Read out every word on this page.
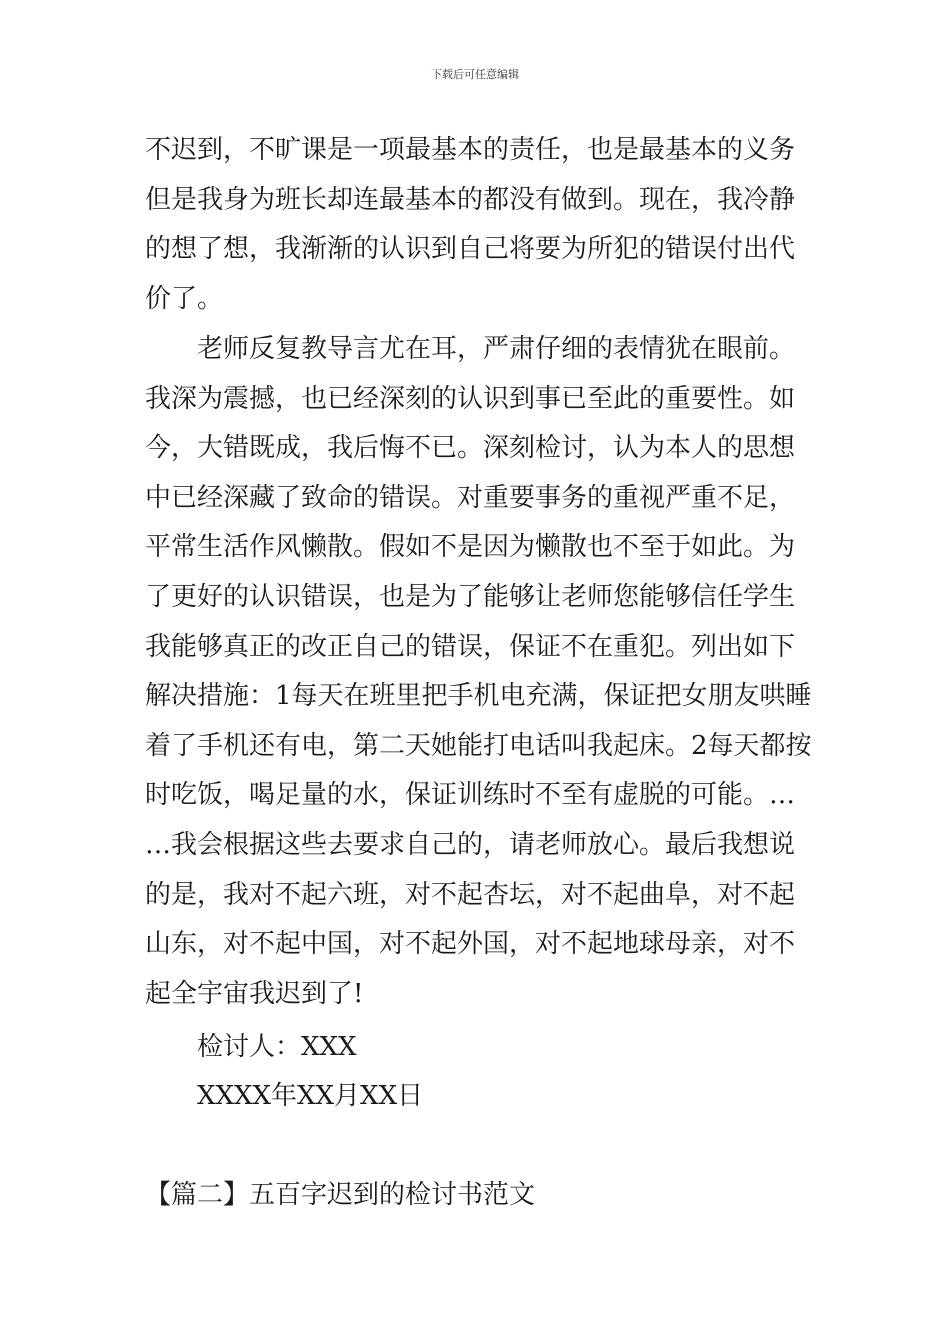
下载后可任意编辑
不迟到，不旷课是一项最基本的责任，也是最基本的义务
但是我身为班长却连最基本的都没有做到。现在，我冷静
的想了想，我渐渐的认识到自己将要为所犯的错误付出代
价了。
老师反复教导言尤在耳，严肃仔细的表情犹在眼前。
我深为震撼，也已经深刻的认识到事已至此的重要性。如
今，大错既成，我后悔不已。深刻检讨，认为本人的思想
中已经深藏了致命的错误。对重要事务的重视严重不足，
平常生活作风懒散。假如不是因为懒散也不至于如此。为
了更好的认识错误，也是为了能够让老师您能够信任学生
我能够真正的改正自己的错误，保证不在重犯。列出如下
解决措施：1每天在班里把手机电充满，保证把女朋友哄睡
着了手机还有电，第二天她能打电话叫我起床。2每天都按
时吃饭，喝足量的水，保证训练时不至有虚脱的可能。…
…我会根据这些去要求自己的，请老师放心。最后我想说
的是，我对不起六班，对不起杏坛，对不起曲阜，对不起
山东，对不起中国，对不起外国，对不起地球母亲，对不
起全宇宙我迟到了!
检讨人：XXX
XXXX年XX月XX日
【篇二】五百字迟到的检讨书范文
